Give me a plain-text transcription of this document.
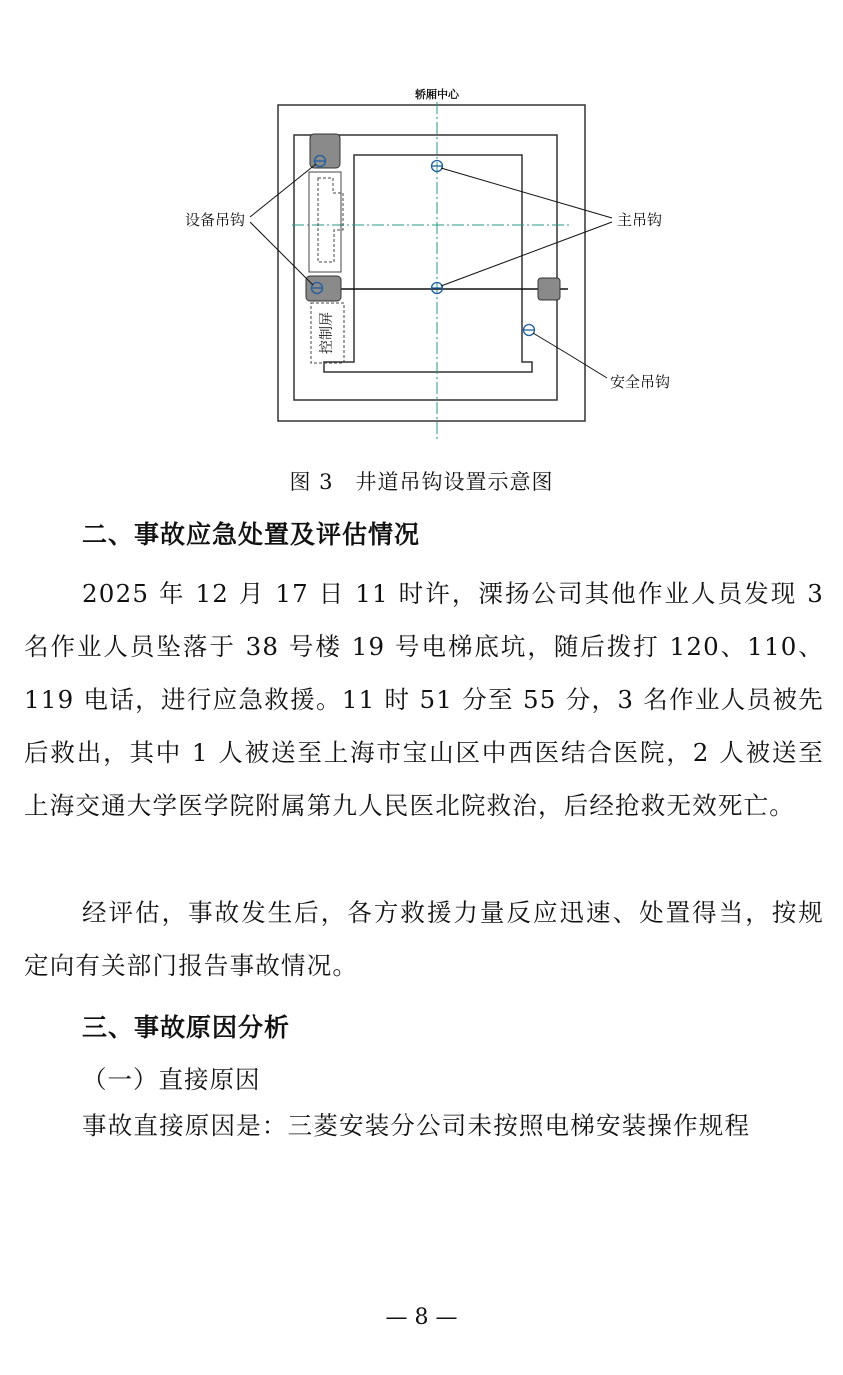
控制屏
轿厢中心
设备吊钩	主吊钩
安全吊钩
图 3　井道吊钩设置示意图
二、事故应急处置及评估情况

2025 年 12 月 17 日 11 时许，溧扬公司其他作业人员发现 3 名作业人员坠落于 38 号楼 19 号电梯底坑，随后拨打 120、110、119 电话，进行应急救援。11 时 51 分至 55 分，3 名作业人员被先后救出，其中 1 人被送至上海市宝山区中西医结合医院，2 人被送至上海交通大学医学院附属第九人民医北院救治，后经抢救无效死亡。

经评估，事故发生后，各方救援力量反应迅速、处置得当，按规定向有关部门报告事故情况。

三、事故原因分析
（一）直接原因

事故直接原因是：三菱安装分公司未按照电梯安装操作规程

— 8 —
